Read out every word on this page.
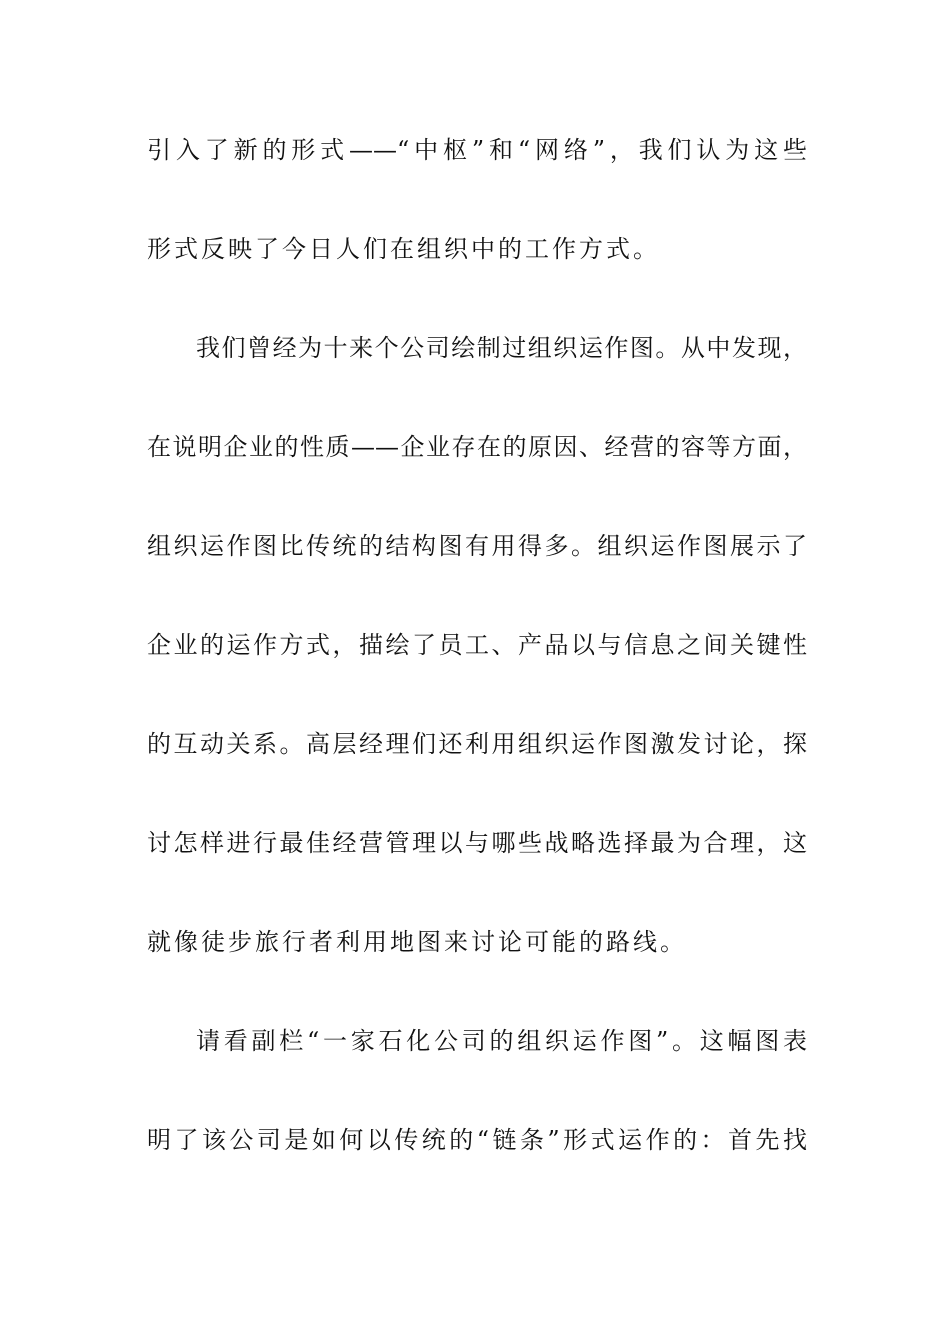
引入了新的形式——“中枢”和“网络”，我们认为这些
形式反映了今日人们在组织中的工作方式。
我们曾经为十来个公司绘制过组织运作图。从中发现，
在说明企业的性质——企业存在的原因、经营的容等方面，
组织运作图比传统的结构图有用得多。组织运作图展示了
企业的运作方式，描绘了员工、产品以与信息之间关键性
的互动关系。高层经理们还利用组织运作图激发讨论，探
讨怎样进行最佳经营管理以与哪些战略选择最为合理，这
就像徒步旅行者利用地图来讨论可能的路线。
请看副栏“一家石化公司的组织运作图”。这幅图表
明了该公司是如何以传统的“链条”形式运作的：首先找
